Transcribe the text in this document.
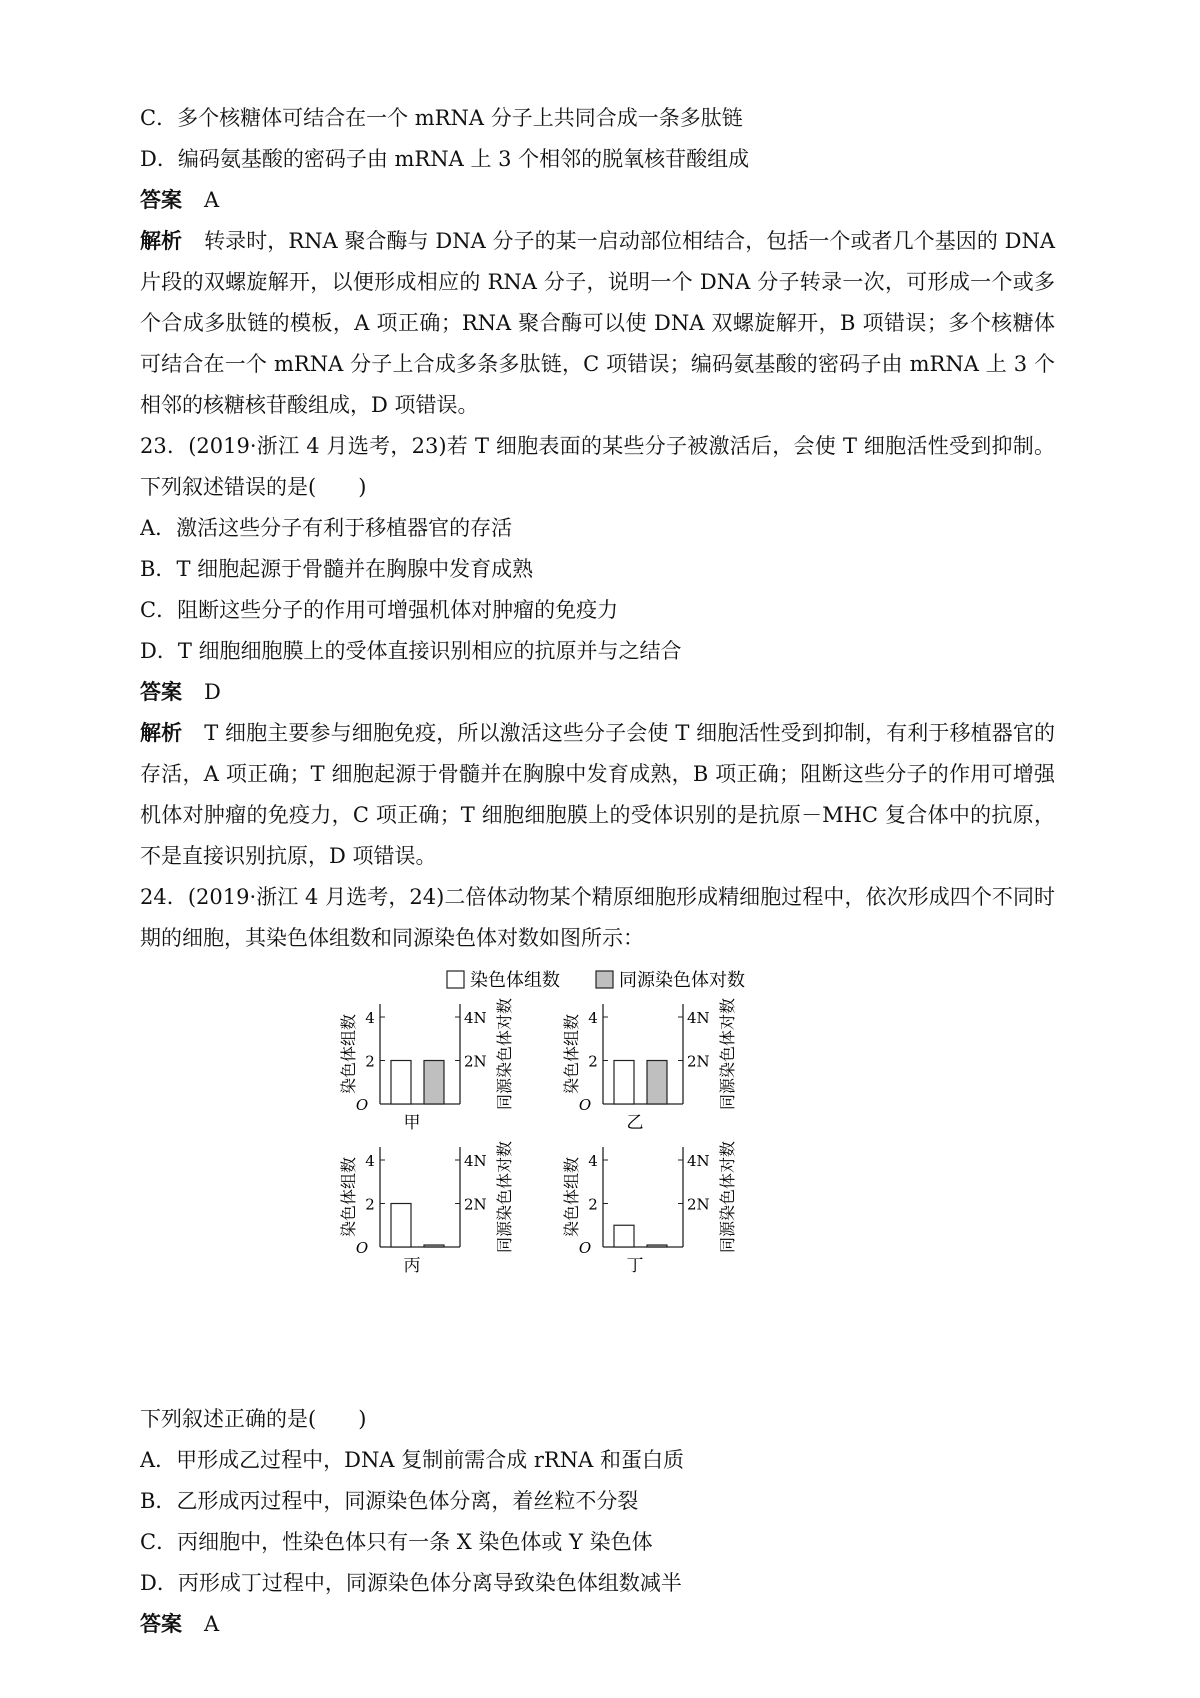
C．多个核糖体可结合在一个 mRNA 分子上共同合成一条多肽链
D．编码氨基酸的密码子由 mRNA 上 3 个相邻的脱氧核苷酸组成
答案 A
解析 转录时，RNA 聚合酶与 DNA 分子的某一启动部位相结合，包括一个或者几个基因的 DNA 片段的双螺旋解开，以便形成相应的 RNA 分子，说明一个 DNA 分子转录一次，可形成一个或多个合成多肽链的模板，A 项正确；RNA 聚合酶可以使 DNA 双螺旋解开，B 项错误；多个核糖体可结合在一个 mRNA 分子上合成多条多肽链，C 项错误；编码氨基酸的密码子由 mRNA 上 3 个相邻的核糖核苷酸组成，D 项错误。
23．(2019·浙江 4 月选考，23)若 T 细胞表面的某些分子被激活后，会使 T 细胞活性受到抑制。下列叙述错误的是(　　)
A．激活这些分子有利于移植器官的存活
B．T 细胞起源于骨髓并在胸腺中发育成熟
C．阻断这些分子的作用可增强机体对肿瘤的免疫力
D．T 细胞细胞膜上的受体直接识别相应的抗原并与之结合
答案 D
解析 T 细胞主要参与细胞免疫，所以激活这些分子会使 T 细胞活性受到抑制，有利于移植器官的存活，A 项正确；T 细胞起源于骨髓并在胸腺中发育成熟，B 项正确；阻断这些分子的作用可增强机体对肿瘤的免疫力，C 项正确；T 细胞细胞膜上的受体识别的是抗原－MHC 复合体中的抗原，不是直接识别抗原，D 项错误。
24．(2019·浙江 4 月选考，24)二倍体动物某个精原细胞形成精细胞过程中，依次形成四个不同时期的细胞，其染色体组数和同源染色体对数如图所示：
染色体组数	同源染色体对数
2
4
O
2N
4N
染色体组数	同源染色体对数
甲
2
4
O
2N
4N
染色体组数	同源染色体对数
乙
2
4
O
2N
4N
染色体组数	同源染色体对数
丙
2
4
O
2N
4N
染色体组数	同源染色体对数
丁
下列叙述正确的是(　　)
A．甲形成乙过程中，DNA 复制前需合成 rRNA 和蛋白质
B．乙形成丙过程中，同源染色体分离，着丝粒不分裂
C．丙细胞中，性染色体只有一条 X 染色体或 Y 染色体
D．丙形成丁过程中，同源染色体分离导致染色体组数减半
答案 A
